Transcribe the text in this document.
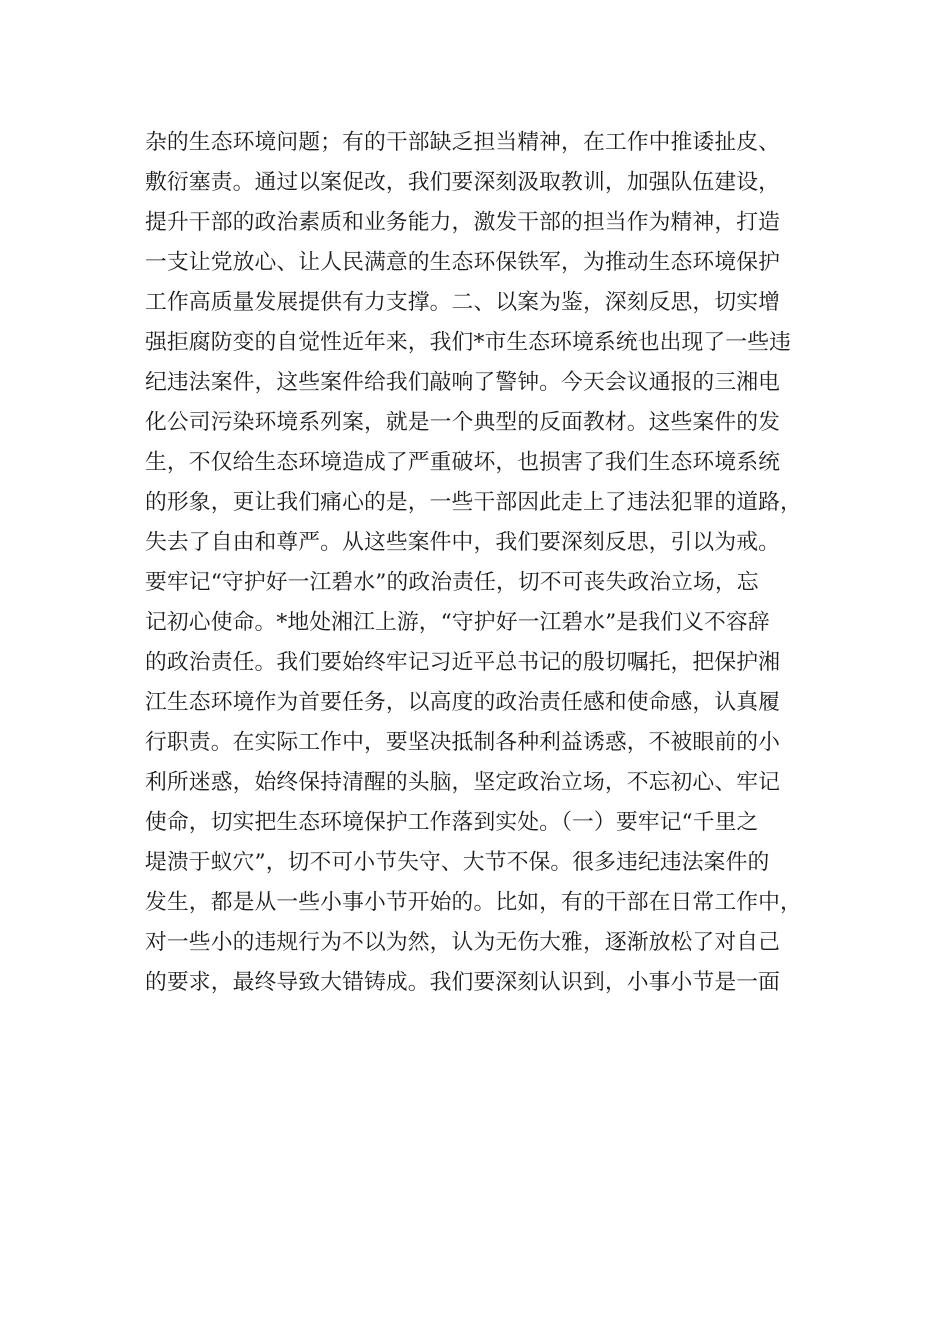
杂的生态环境问题；有的干部缺乏担当精神，在工作中推诿扯皮、
敷衍塞责。通过以案促改，我们要深刻汲取教训，加强队伍建设，
提升干部的政治素质和业务能力，激发干部的担当作为精神，打造
一支让党放心、让人民满意的生态环保铁军，为推动生态环境保护
工作高质量发展提供有力支撑。二、以案为鉴，深刻反思，切实增
强拒腐防变的自觉性近年来，我们*市生态环境系统也出现了一些违
纪违法案件，这些案件给我们敲响了警钟。今天会议通报的三湘电
化公司污染环境系列案，就是一个典型的反面教材。这些案件的发
生，不仅给生态环境造成了严重破坏，也损害了我们生态环境系统
的形象，更让我们痛心的是，一些干部因此走上了违法犯罪的道路，
失去了自由和尊严。从这些案件中，我们要深刻反思，引以为戒。
要牢记“守护好一江碧水”的政治责任，切不可丧失政治立场，忘
记初心使命。*地处湘江上游，“守护好一江碧水”是我们义不容辞
的政治责任。我们要始终牢记习近平总书记的殷切嘱托，把保护湘
江生态环境作为首要任务，以高度的政治责任感和使命感，认真履
行职责。在实际工作中，要坚决抵制各种利益诱惑，不被眼前的小
利所迷惑，始终保持清醒的头脑，坚定政治立场，不忘初心、牢记
使命，切实把生态环境保护工作落到实处。（一）要牢记“千里之
堤溃于蚁穴”，切不可小节失守、大节不保。很多违纪违法案件的
发生，都是从一些小事小节开始的。比如，有的干部在日常工作中，
对一些小的违规行为不以为然，认为无伤大雅，逐渐放松了对自己
的要求，最终导致大错铸成。我们要深刻认识到，小事小节是一面
